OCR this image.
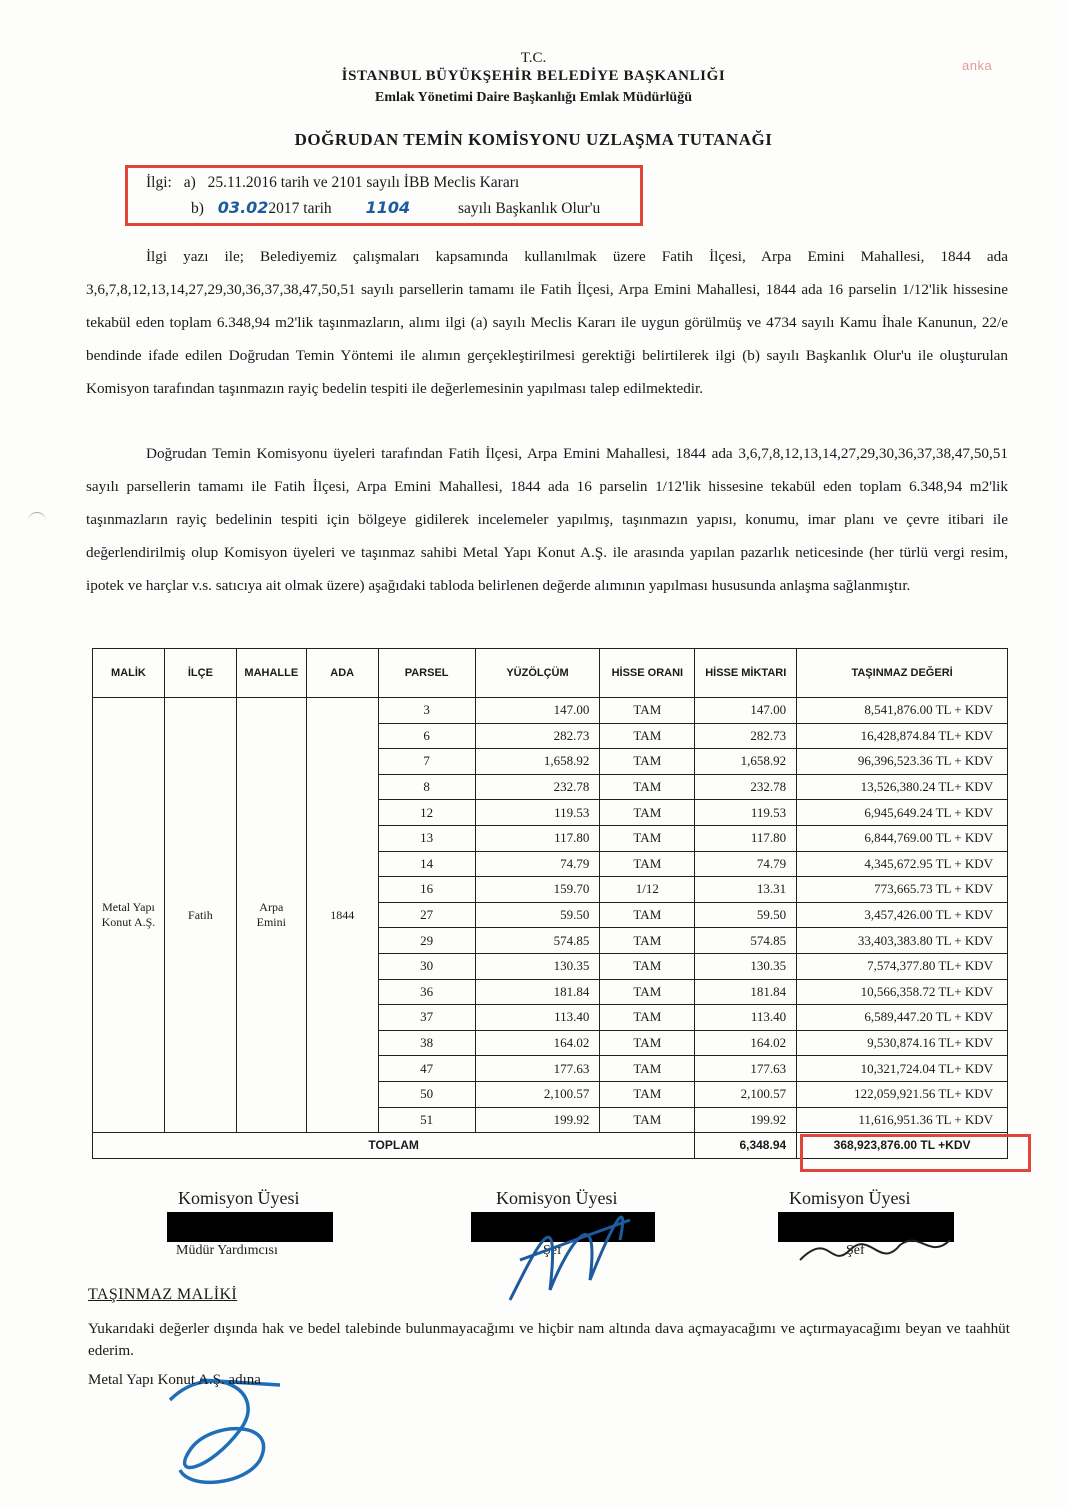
anka
T.C.
İSTANBUL BÜYÜKŞEHİR BELEDİYE BAŞKANLIĞI
Emlak Yönetimi Daire Başkanlığı Emlak Müdürlüğü
DOĞRUDAN TEMİN KOMİSYONU UZLAŞMA TUTANAĞI
İlgi: a) 25.11.2016 tarih ve 2101 sayılı İBB Meclis Kararı
b) 03.022017 tarih 1104	sayılı Başkanlık Olur'u

İlgi yazı ile; Belediyemiz çalışmaları kapsamında kullanılmak üzere Fatih İlçesi, Arpa Emini Mahallesi, 1844 ada 3,6,7,8,12,13,14,27,29,30,36,37,38,47,50,51 sayılı parsellerin tamamı ile Fatih İlçesi, Arpa Emini Mahallesi, 1844 ada 16 parselin 1/12'lik hissesine tekabül eden toplam 6.348,94 m2'lik taşınmazların, alımı ilgi (a) sayılı Meclis Kararı ile uygun görülmüş ve 4734 sayılı Kamu İhale Kanunun, 22/e bendinde ifade edilen Doğrudan Temin Yöntemi ile alımın gerçekleştirilmesi gerektiği belirtilerek ilgi (b) sayılı Başkanlık Olur'u ile oluşturulan Komisyon tarafından taşınmazın rayiç bedelin tespiti ile değerlemesinin yapılması talep edilmektedir.

Doğrudan Temin Komisyonu üyeleri tarafından Fatih İlçesi, Arpa Emini Mahallesi, 1844 ada 3,6,7,8,12,13,14,27,29,30,36,37,38,47,50,51 sayılı parsellerin tamamı ile Fatih İlçesi, Arpa Emini Mahallesi, 1844 ada 16 parselin 1/12'lik hissesine tekabül eden toplam 6.348,94 m2'lik taşınmazların rayiç bedelinin tespiti için bölgeye gidilerek incelemeler yapılmış, taşınmazın yapısı, konumu, imar planı ve çevre itibari ile değerlendirilmiş olup Komisyon üyeleri ve taşınmaz sahibi Metal Yapı Konut A.Ş. ile arasında yapılan pazarlık neticesinde (her türlü vergi resim, ipotek ve harçlar v.s. satıcıya ait olmak üzere) aşağıdaki tabloda belirlenen değerde alımının yapılması hususunda anlaşma sağlanmıştır.

MALİK	İLÇE	MAHALLE	ADA	PARSEL	YÜZÖLÇÜM	HİSSE ORANI	HİSSE MİKTARI	TAŞINMAZ DEĞERİ
Metal Yapı Konut A.Ş.	Fatih	Arpa Emini	1844	3	147.00	TAM	147.00	8,541,876.00 TL + KDV
				6	282.73	TAM	282.73	16,428,874.84 TL+ KDV
				7	1,658.92	TAM	1,658.92	96,396,523.36 TL + KDV
				8	232.78	TAM	232.78	13,526,380.24 TL+ KDV
				12	119.53	TAM	119.53	6,945,649.24 TL + KDV
				13	117.80	TAM	117.80	6,844,769.00 TL + KDV
				14	74.79	TAM	74.79	4,345,672.95 TL + KDV
				16	159.70	1/12	13.31	773,665.73 TL + KDV
				27	59.50	TAM	59.50	3,457,426.00 TL + KDV
				29	574.85	TAM	574.85	33,403,383.80 TL + KDV
				30	130.35	TAM	130.35	7,574,377.80 TL+ KDV
				36	181.84	TAM	181.84	10,566,358.72 TL+ KDV
				37	113.40	TAM	113.40	6,589,447.20 TL + KDV
				38	164.02	TAM	164.02	9,530,874.16 TL+ KDV
				47	177.63	TAM	177.63	10,321,724.04 TL+ KDV
				50	2,100.57	TAM	2,100.57	122,059,921.56 TL+ KDV
				51	199.92	TAM	199.92	11,616,951.36 TL + KDV
TOPLAM							6,348.94	368,923,876.00 TL +KDV
Komisyon Üyesi
Müdür Yardımcısı
Komisyon Üyesi
Şef
Komisyon Üyesi
Şef
TAŞINMAZ MALİKİ

Yukarıdaki değerler dışında hak ve bedel talebinde bulunmayacağımı ve hiçbir nam altında dava açmayacağımı ve açtırmayacağımı beyan ve taahhüt ederim.

Metal Yapı Konut A.Ş. adına
